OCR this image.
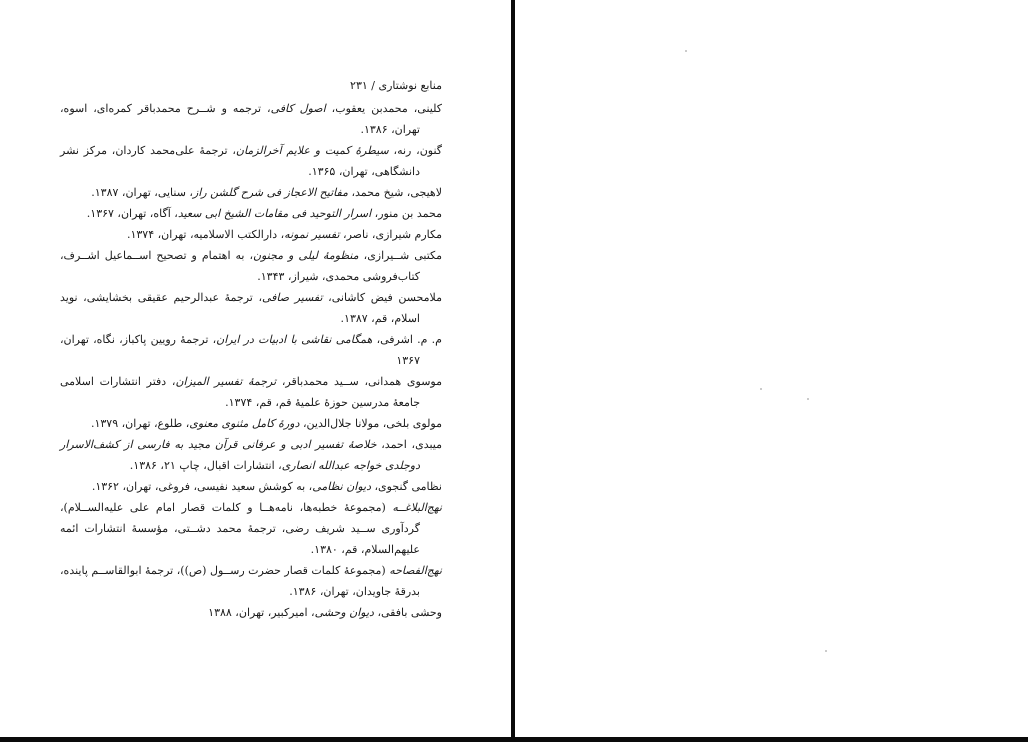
منابع نوشتاری / ۲۳۱
کلینی، محمدبن یعقوب، اصول کافی، ترجمه و شــرح محمدباقر کمره‌ای، اسوه، تهران، ۱۳۸۶.
گنون، رنه، سیطرهٔ کمیت و علایم آخرالزمان، ترجمهٔ علی‌محمد کاردان، مرکز نشر دانشگاهی، تهران، ۱۳۶۵.
لاهیجی، شیخ محمد، مفاتیح الاعجاز فی شرح گلشن راز، سنایی، تهران، ۱۳۸۷.
محمد بن منور، اسرار التوحید فی مقامات الشیخ ابی سعید، آگاه، تهران، ۱۳۶۷.
مکارم شیرازی، ناصر، تفسیر نمونه، دارالکتب الاسلامیه، تهران، ۱۳۷۴.
مکتبی شــیرازی، منظومهٔ لیلی و مجنون، به اهتمام و تصحیح اســماعیل اشــرف، کتاب‌فروشی محمدی، شیراز، ۱۳۴۳.
ملامحسن فیض کاشانی، تفسیر صافی، ترجمهٔ عبدالرحیم عقیقی بخشایشی، نوید اسلام، قم، ۱۳۸۷.
م. م. اشرفی، همگامی نقاشی با ادبیات در ایران، ترجمهٔ رویین پاکباز، نگاه، تهران، ۱۳۶۷
موسوی همدانی، ســید محمدباقر، ترجمهٔ تفسیر المیزان، دفتر انتشارات اسلامی جامعهٔ مدرسین حوزهٔ علمیهٔ قم، قم، ۱۳۷۴.
مولوی بلخی، مولانا جلال‌الدین، دورهٔ کامل مثنوی معنوی، طلوع، تهران، ۱۳۷۹.
میبدی، احمد، خلاصهٔ تفسیر ادبی و عرفانی قرآن مجید به فارسی از کشف‌الاسرار دوجلدی خواجه عبدالله انصاری، انتشارات اقبال، چاپ ۲۱، ۱۳۸۶.
نظامی گنجوی، دیوان نظامی، به کوشش سعید نفیسی، فروغی، تهران، ۱۳۶۲.
نهج‌البلاغــه (مجموعهٔ خطبه‌ها، نامه‌هــا و کلمات قصار امام علی علیه‌الســلام)، گردآوری ســید شریف رضی، ترجمهٔ محمد دشــتی، مؤسسهٔ انتشارات ائمه علیهم‌السلام، قم، ۱۳۸۰.
نهج‌الفصاحه (مجموعهٔ کلمات قصار حضرت رســول (ص))، ترجمهٔ ابوالقاســم پاینده، بدرقهٔ جاویدان، تهران، ۱۳۸۶.
وحشی بافقی، دیوان وحشی، امیرکبیر، تهران، ۱۳۸۸
